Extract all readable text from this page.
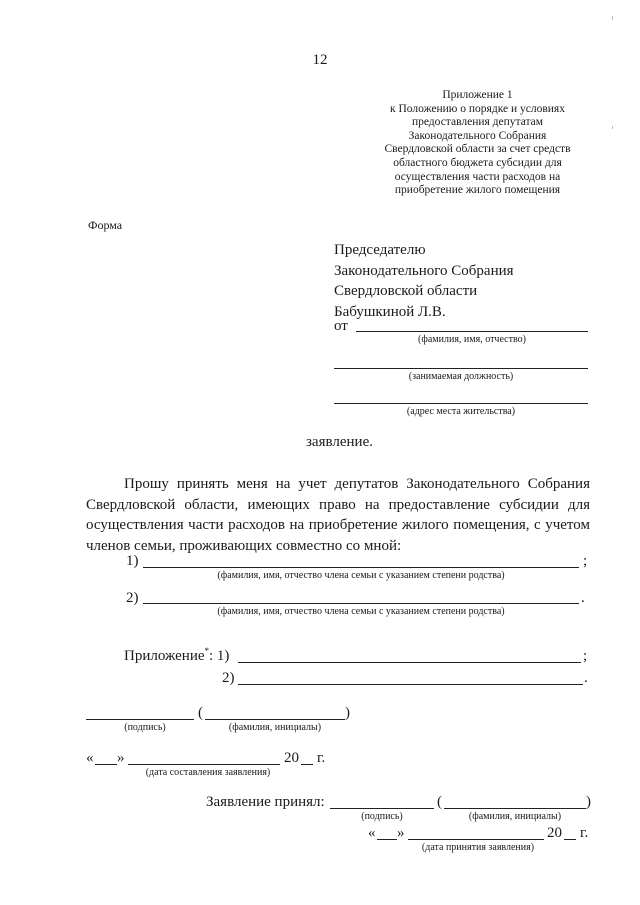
12
Приложение 1
к Положению о порядке и условиях
предоставления депутатам
Законодательного Собрания
Свердловской области за счет средств
областного бюджета субсидии для
осуществления части расходов на
приобретение жилого помещения
Форма
Председателю
Законодательного Собрания
Свердловской области
Бабушкиной Л.В.
от
(фамилия, имя, отчество)
(занимаемая должность)
(адрес места жительства)
заявление.
Прошу принять меня на учет депутатов Законодательного Собрания
Свердловской области, имеющих право на предоставление субсидии для
осуществления части расходов на приобретение жилого помещения, с учетом
членов семьи, проживающих совместно со мной:
1)	;
(фамилия, имя, отчество члена семьи с указанием степени родства)
2)	.
(фамилия, имя, отчество члена семьи с указанием степени родства)
Приложение*: 1)	;
2)	.
(	)
(подпись)	(фамилия, инициалы)
« »	20 г.
(дата составления заявления)
Заявление принял:	(	)
(подпись)	(фамилия, инициалы)
« »	20 г.
(дата принятия заявления)
